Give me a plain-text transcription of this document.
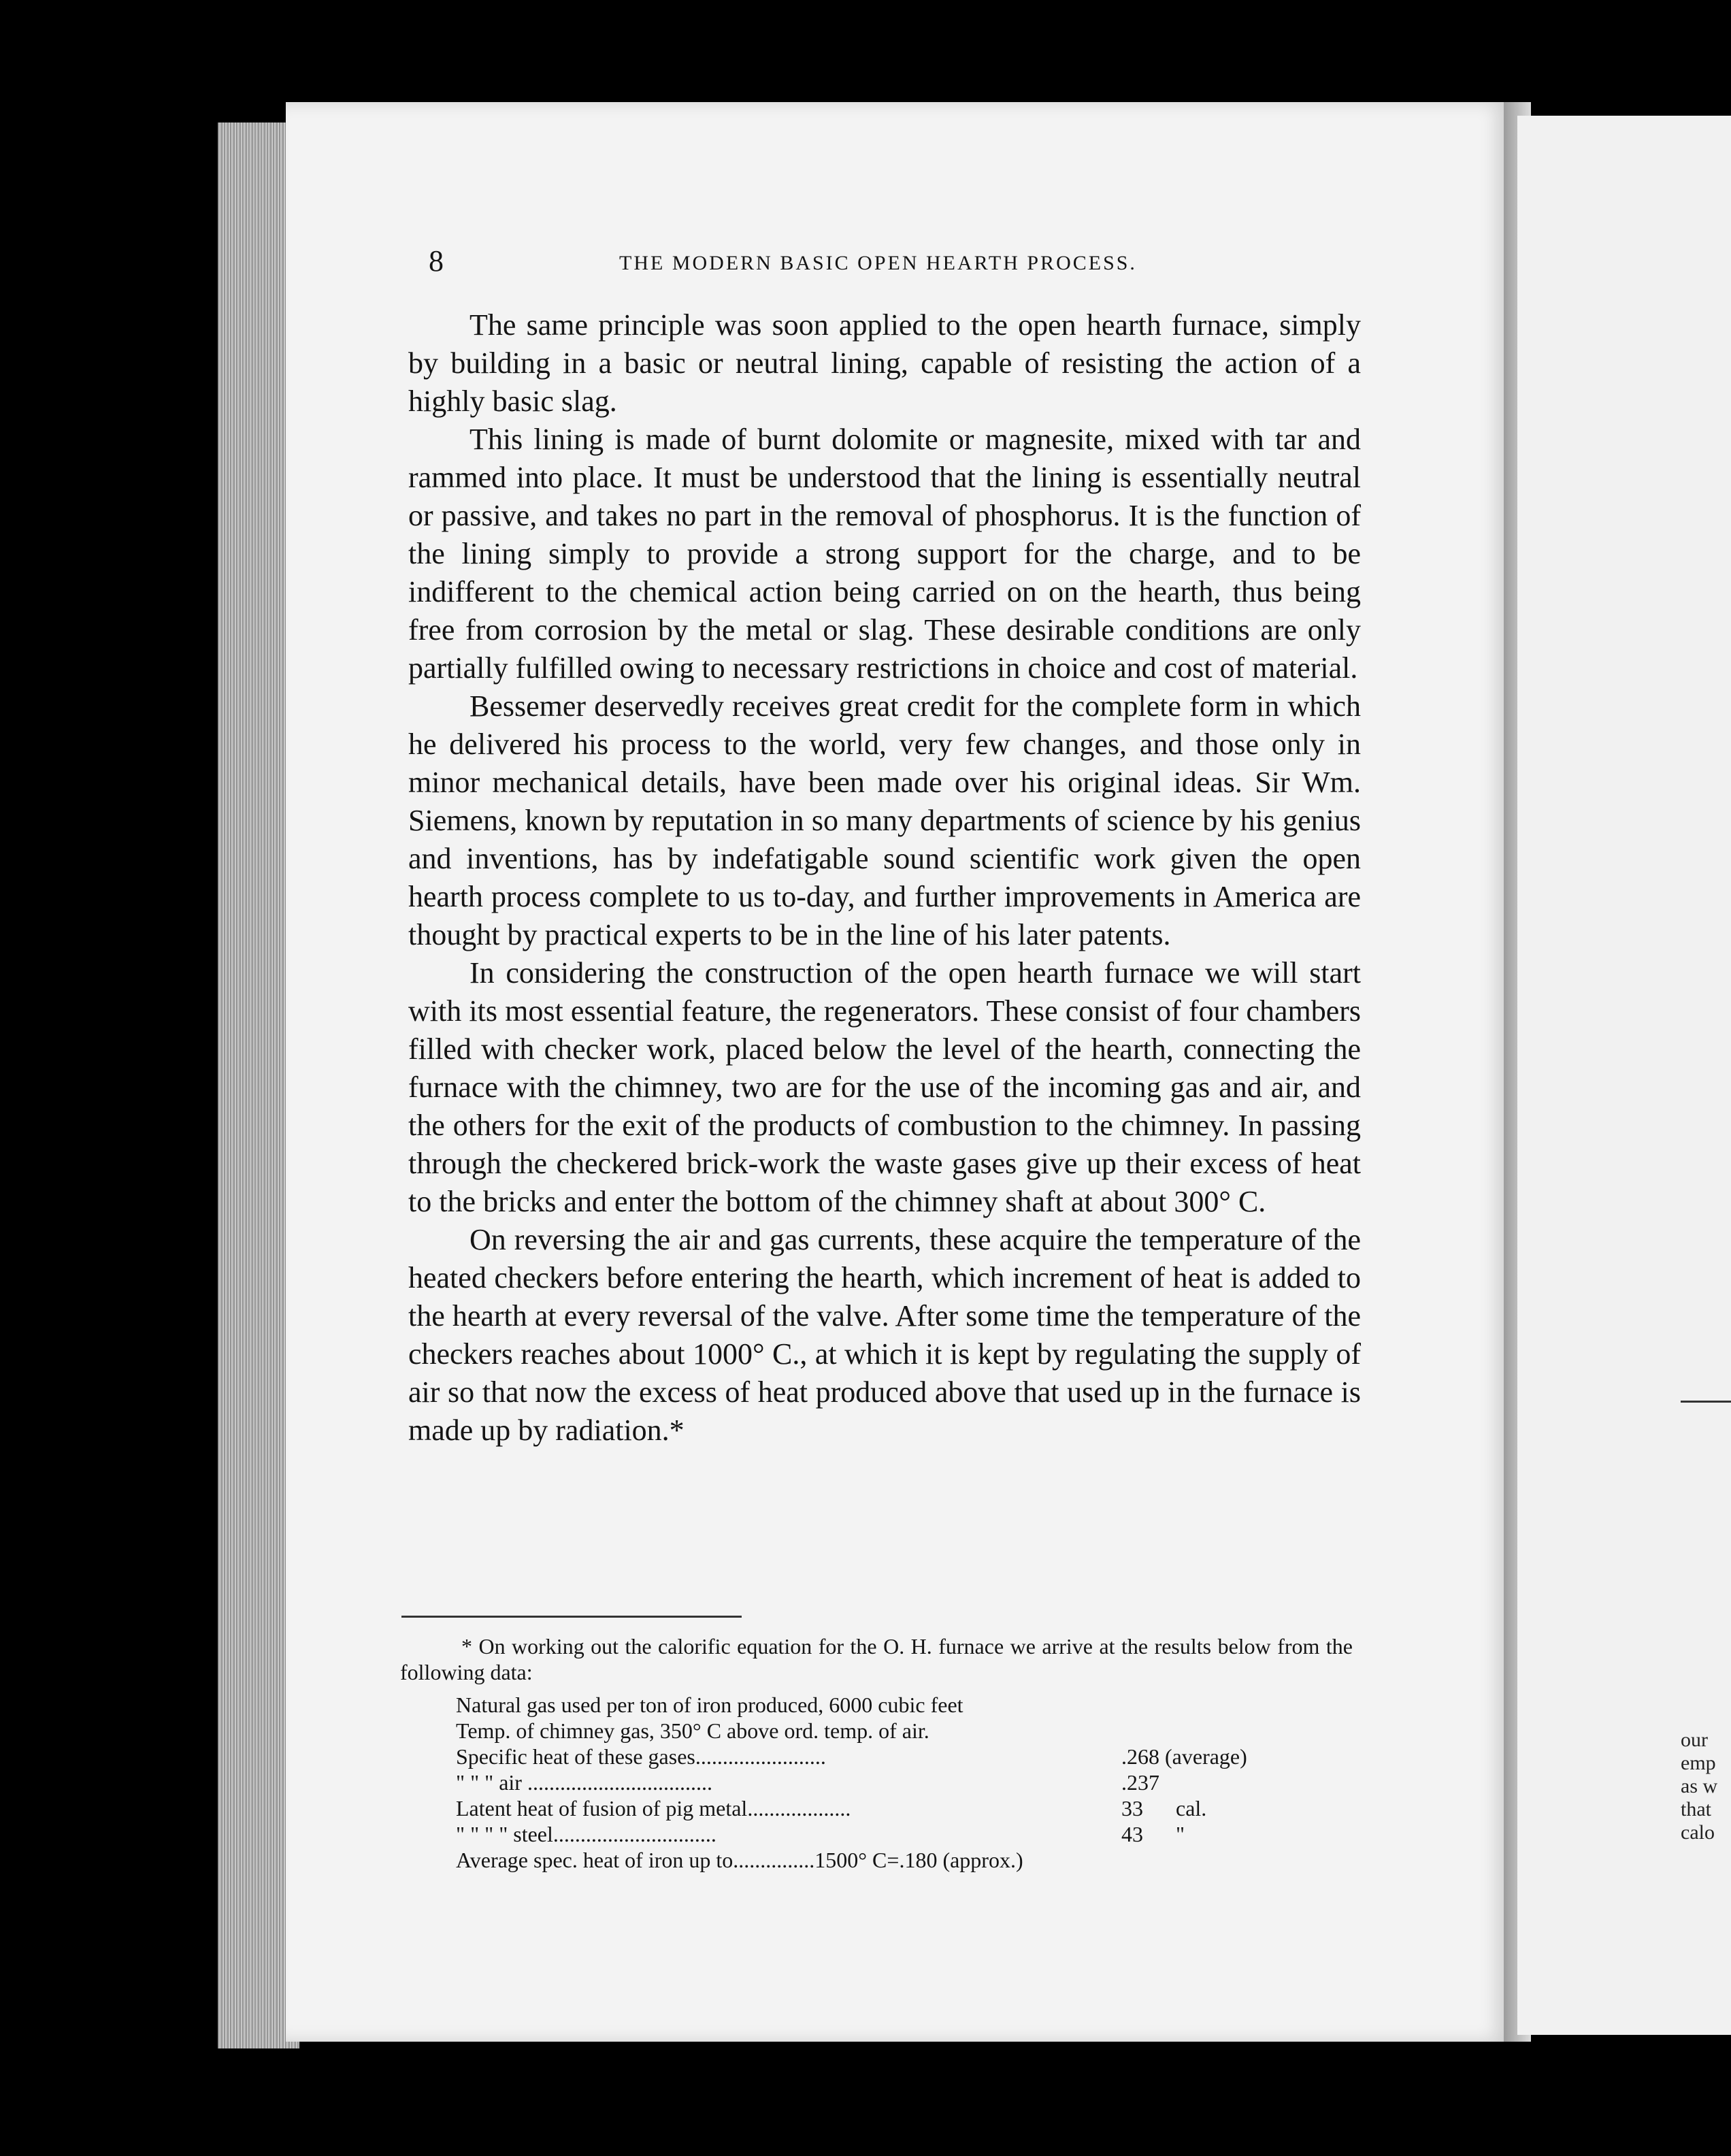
8	THE MODERN BASIC OPEN HEARTH PROCESS.

The same principle was soon applied to the open hearth furnace, simply by building in a basic or neutral lining, capable of resisting the action of a highly basic slag.

This lining is made of burnt dolomite or magnesite, mixed with tar and rammed into place. It must be understood that the lining is essentially neutral or passive, and takes no part in the removal of phosphorus. It is the function of the lining simply to provide a strong support for the charge, and to be indifferent to the chemical action being carried on on the hearth, thus being free from corrosion by the metal or slag. These desirable conditions are only partially fulfilled owing to necessary restrictions in choice and cost of material.

Bessemer deservedly receives great credit for the complete form in which he delivered his process to the world, very few changes, and those only in minor mechanical details, have been made over his original ideas. Sir Wm. Siemens, known by reputation in so many departments of science by his genius and inventions, has by indefatigable sound scientific work given the open hearth process complete to us to-day, and further improvements in America are thought by practical experts to be in the line of his later patents.

In considering the construction of the open hearth furnace we will start with its most essential feature, the regenerators. These consist of four chambers filled with checker work, placed below the level of the hearth, connecting the furnace with the chimney, two are for the use of the incoming gas and air, and the others for the exit of the products of combustion to the chimney. In passing through the checkered brick-work the waste gases give up their excess of heat to the bricks and enter the bottom of the chimney shaft at about 300° C.

On reversing the air and gas currents, these acquire the temperature of the heated checkers before entering the hearth, which increment of heat is added to the hearth at every reversal of the valve. After some time the temperature of the checkers reaches about 1000° C., at which it is kept by regulating the supply of air so that now the excess of heat produced above that used up in the furnace is made up by radiation.*

* On working out the calorific equation for the O. H. furnace we arrive at the results below from the following data:

Natural gas used per ton of iron produced, 6000 cubic feet
Temp. of chimney gas, 350° C above ord. temp. of air.
Specific heat of these gases........................	.268 (average)
" " " air ..................................	.237
Latent heat of fusion of pig metal...................	33 cal.
" " " " steel..............................	43 "
Average spec. heat of iron up to...............1500° C=.180 (approx.)
our
emp
as w
that
calo
